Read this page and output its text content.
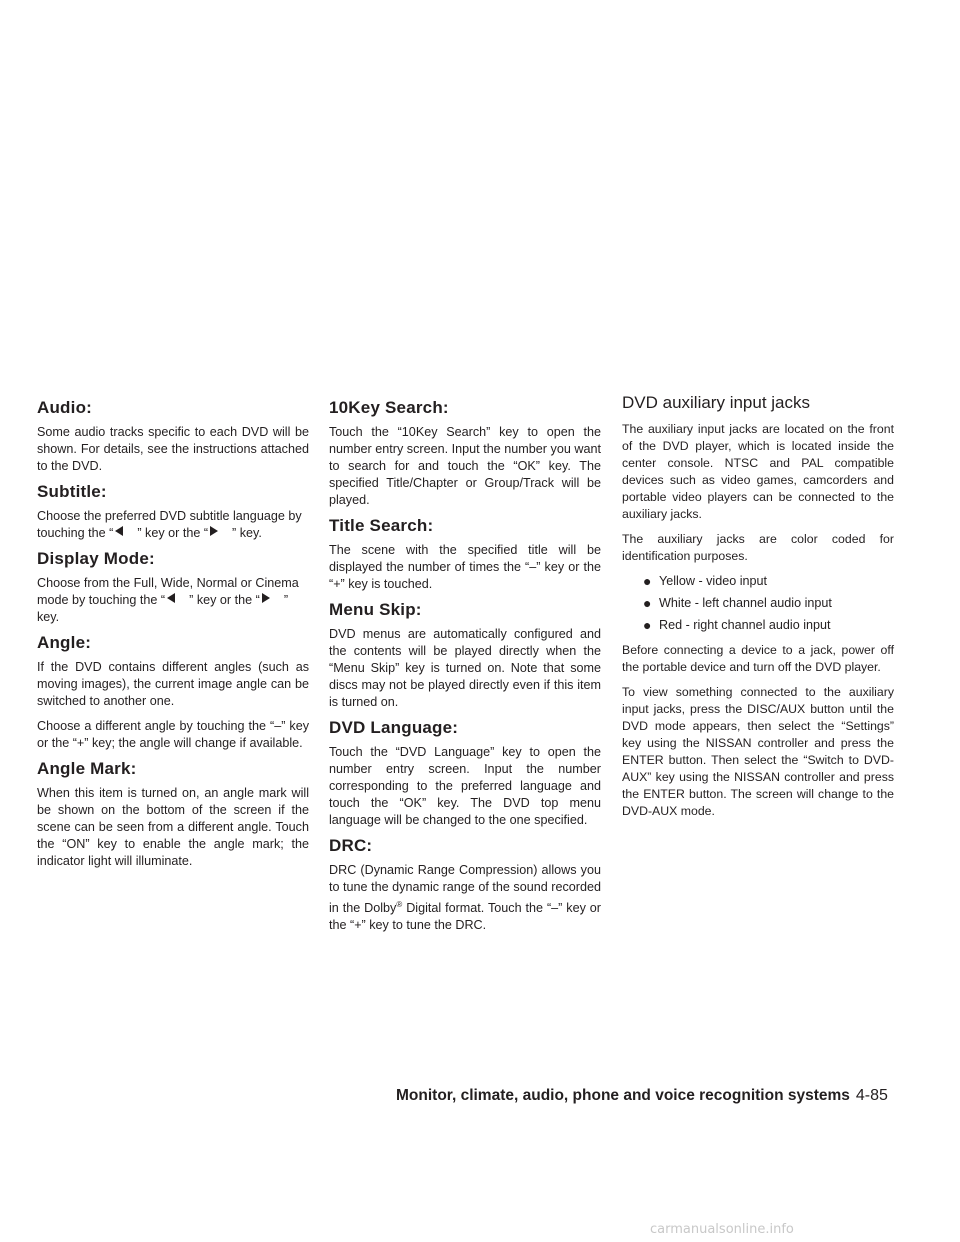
Audio:

Some audio tracks specific to each DVD will be shown. For details, see the instructions attached to the DVD.

Subtitle:

Choose the preferred DVD subtitle language by
touching the “ ” key or the “ ” key.

Display Mode:

Choose from the Full, Wide, Normal or Cinema
mode by touching the “ ” key or the “ ”
key.

Angle:

If the DVD contains different angles (such as moving images), the current image angle can be switched to another one.

Choose a different angle by touching the “–” key or the “+” key; the angle will change if available.

Angle Mark:

When this item is turned on, an angle mark will be shown on the bottom of the screen if the scene can be seen from a different angle. Touch the “ON” key to enable the angle mark; the indicator light will illuminate.

10Key Search:

Touch the “10Key Search” key to open the number entry screen. Input the number you want to search for and touch the “OK” key. The specified Title/Chapter or Group/Track will be played.

Title Search:

The scene with the specified title will be displayed the number of times the “–” key or the “+” key is touched.

Menu Skip:

DVD menus are automatically configured and the contents will be played directly when the “Menu Skip” key is turned on. Note that some discs may not be played directly even if this item is turned on.

DVD Language:

Touch the “DVD Language” key to open the number entry screen. Input the number corresponding to the preferred language and touch the “OK” key. The DVD top menu language will be changed to the one specified.

DRC:

DRC (Dynamic Range Compression) allows you to tune the dynamic range of the sound recorded in the Dolby® Digital format. Touch the “–” key or the “+” key to tune the DRC.

DVD auxiliary input jacks

The auxiliary input jacks are located on the front of the DVD player, which is located inside the center console. NTSC and PAL compatible devices such as video games, camcorders and portable video players can be connected to the auxiliary jacks.

The auxiliary jacks are color coded for identification purposes.

● Yellow - video input
● White - left channel audio input
● Red - right channel audio input

Before connecting a device to a jack, power off the portable device and turn off the DVD player.

To view something connected to the auxiliary input jacks, press the DISC/AUX button until the DVD mode appears, then select the “Settings” key using the NISSAN controller and press the ENTER button. Then select the “Switch to DVD-AUX” key using the NISSAN controller and press the ENTER button. The screen will change to the DVD-AUX mode.

Monitor, climate, audio, phone and voice recognition systems 4-85
carmanualsonline.info
